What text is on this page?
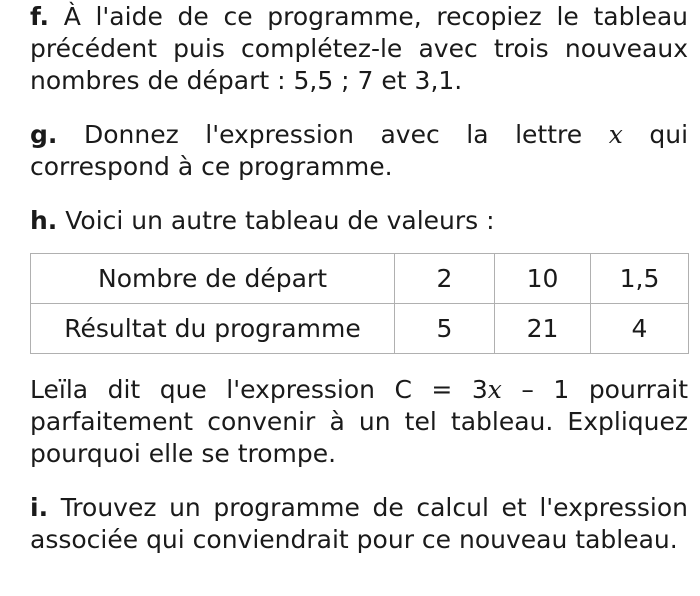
f. À l'aide de ce programme, recopiez le tableau précédent puis complétez-le avec trois nouveaux nombres de départ : 5,5 ; 7 et 3,1.

g. Donnez l'expression avec la lettre x qui correspond à ce programme.

h. Voici un autre tableau de valeurs :

Nombre de départ	2	10	1,5
Résultat du programme	5	21	4

Leïla dit que l'expression C = 3x – 1 pourrait parfaitement convenir à un tel tableau. Expliquez pourquoi elle se trompe.

i. Trouvez un programme de calcul et l'expression associée qui conviendrait pour ce nouveau tableau.
